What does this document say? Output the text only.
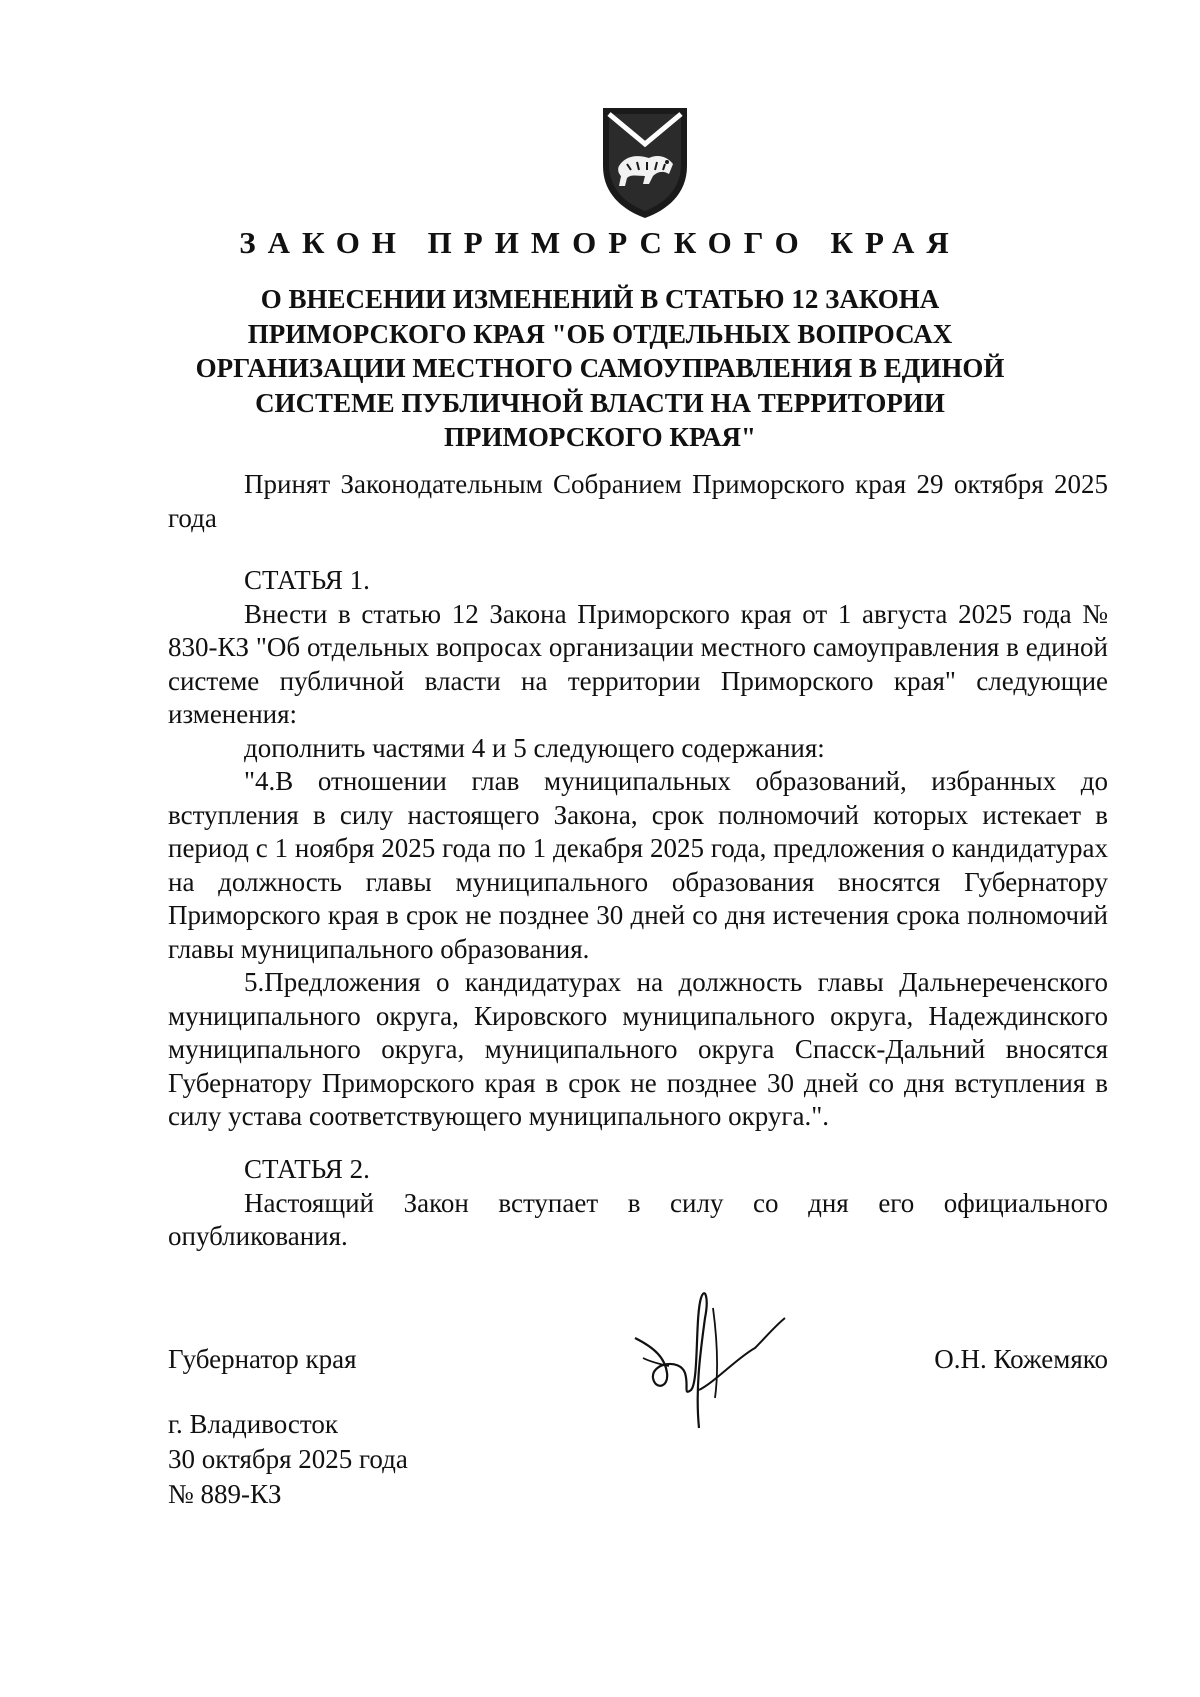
ЗАКОН ПРИМОРСКОГО КРАЯ
О ВНЕСЕНИИ ИЗМЕНЕНИЙ В СТАТЬЮ 12 ЗАКОНА
ПРИМОРСКОГО КРАЯ "ОБ ОТДЕЛЬНЫХ ВОПРОСАХ
ОРГАНИЗАЦИИ МЕСТНОГО САМОУПРАВЛЕНИЯ В ЕДИНОЙ
СИСТЕМЕ ПУБЛИЧНОЙ ВЛАСТИ НА ТЕРРИТОРИИ
ПРИМОРСКОГО КРАЯ"

Принят Законодательным Собранием Приморского края 29 октября 2025 года

СТАТЬЯ 1.

Внести в статью 12 Закона Приморского края от 1 августа 2025 года № 830-КЗ "Об отдельных вопросах организации местного самоуправления в единой системе публичной власти на территории Приморского края" следующие изменения:

дополнить частями 4 и 5 следующего содержания:

"4.В отношении глав муниципальных образований, избранных до вступления в силу настоящего Закона, срок полномочий которых истекает в период с 1 ноября 2025 года по 1 декабря 2025 года, предложения о кандидатурах на должность главы муниципального образования вносятся Губернатору Приморского края в срок не позднее 30 дней со дня истечения срока полномочий главы муниципального образования.

5.Предложения о кандидатурах на должность главы Дальнереченского муниципального округа, Кировского муниципального округа, Надеждинского муниципального округа, муниципального округа Спасск-Дальний вносятся Губернатору Приморского края в срок не позднее 30 дней со дня вступления в силу устава соответствующего муниципального округа.".

СТАТЬЯ 2.

Настоящий Закон вступает в силу со дня его официального опубликования.

Губернатор края	О.Н. Кожемяко
г. Владивосток
30 октября 2025 года
№ 889-КЗ
